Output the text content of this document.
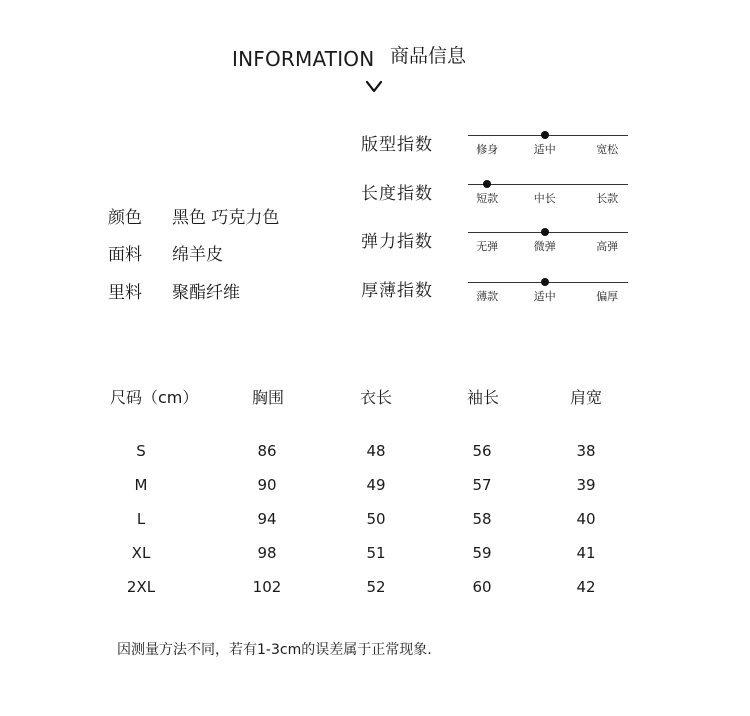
INFORMATION 商品信息
颜色 黑色 巧克力色
面料 绵羊皮
里料 聚酯纤维
版型指数	修身	适中	宽松
长度指数	短款	中长	长款
弹力指数	无弹	微弹	高弹
厚薄指数	薄款	适中	偏厚
尺码（cm）	胸围	衣长	袖长	肩宽
S	86	48	56	38
M	90	49	57	39
L	94	50	58	40
XL	98	51	59	41
2XL	102	52	60	42
因测量方法不同，若有1-3cm的误差属于正常现象.
